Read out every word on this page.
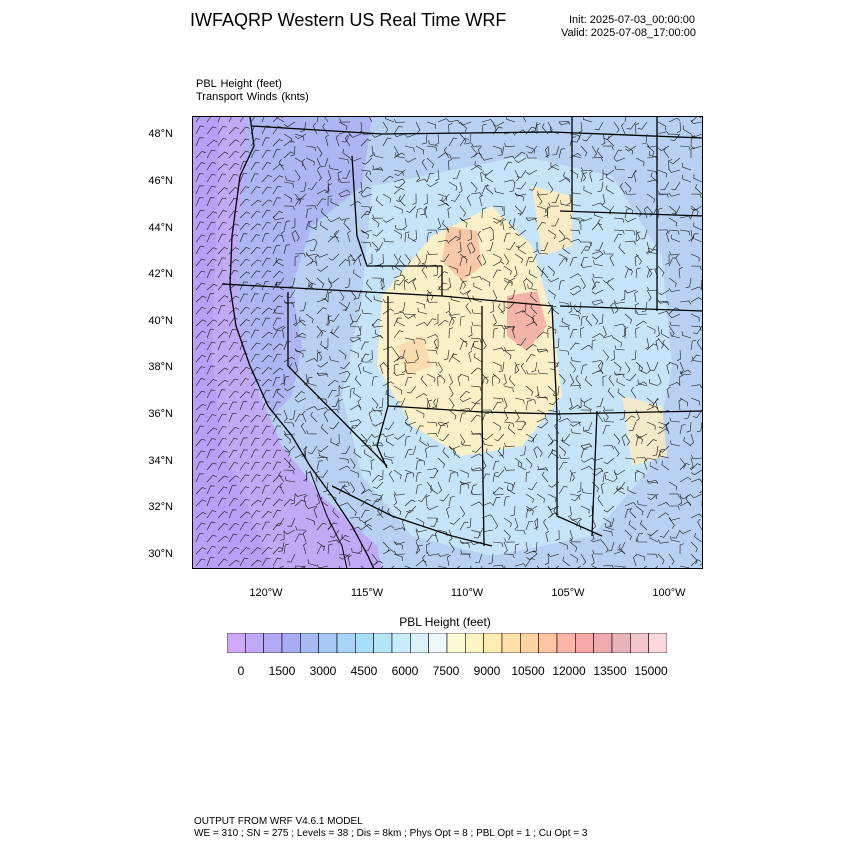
IWFAQRP Western US Real Time WRF	Init: 2025-07-03_00:00:00
Valid: 2025-07-08_17:00:00
PBL Height (feet)
Transport Winds (knts)
48°N
46°N
44°N
42°N
40°N
38°N
36°N
34°N
32°N
30°N
120°W	115°W	110°W	105°W	100°W
PBL Height (feet)
0 1500 3000 4500 6000 7500 9000 10500 12000 13500 15000
OUTPUT FROM WRF V4.6.1 MODEL
WE = 310 ; SN = 275 ; Levels = 38 ; Dis = 8km ; Phys Opt = 8 ; PBL Opt = 1 ; Cu Opt = 3
